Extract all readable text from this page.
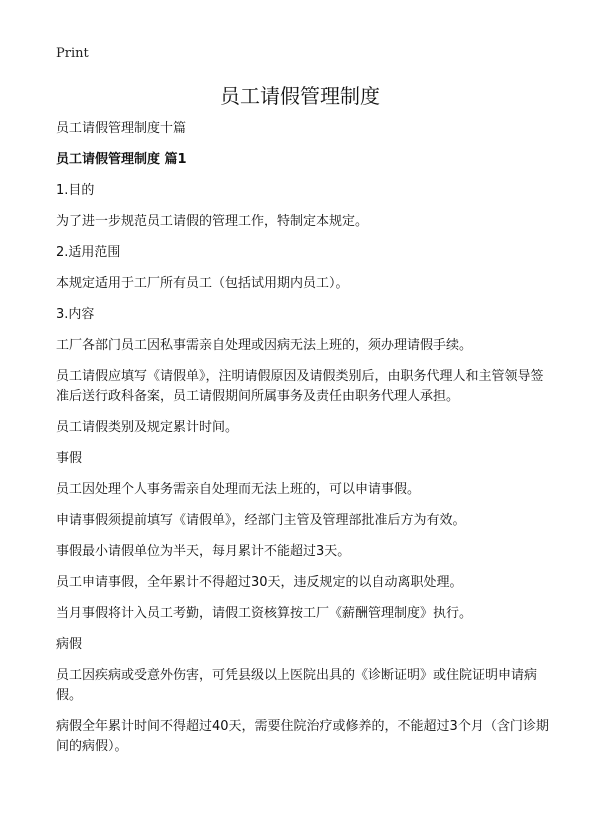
Print
员工请假管理制度

员工请假管理制度十篇

员工请假管理制度 篇1

1.目的

为了进一步规范员工请假的管理工作，特制定本规定。

2.适用范围

本规定适用于工厂所有员工（包括试用期内员工）。

3.内容

工厂各部门员工因私事需亲自处理或因病无法上班的，须办理请假手续。

员工请假应填写《请假单》，注明请假原因及请假类别后，由职务代理人和主管领导签准后送行政科备案，员工请假期间所属事务及责任由职务代理人承担。

员工请假类别及规定累计时间。

事假

员工因处理个人事务需亲自处理而无法上班的，可以申请事假。

申请事假须提前填写《请假单》，经部门主管及管理部批准后方为有效。

事假最小请假单位为半天，每月累计不能超过3天。

员工申请事假，全年累计不得超过30天，违反规定的以自动离职处理。

当月事假将计入员工考勤，请假工资核算按工厂《薪酬管理制度》执行。

病假

员工因疾病或受意外伤害，可凭县级以上医院出具的《诊断证明》或住院证明申请病假。

病假全年累计时间不得超过40天，需要住院治疗或修养的，不能超过3个月（含门诊期间的病假）。
